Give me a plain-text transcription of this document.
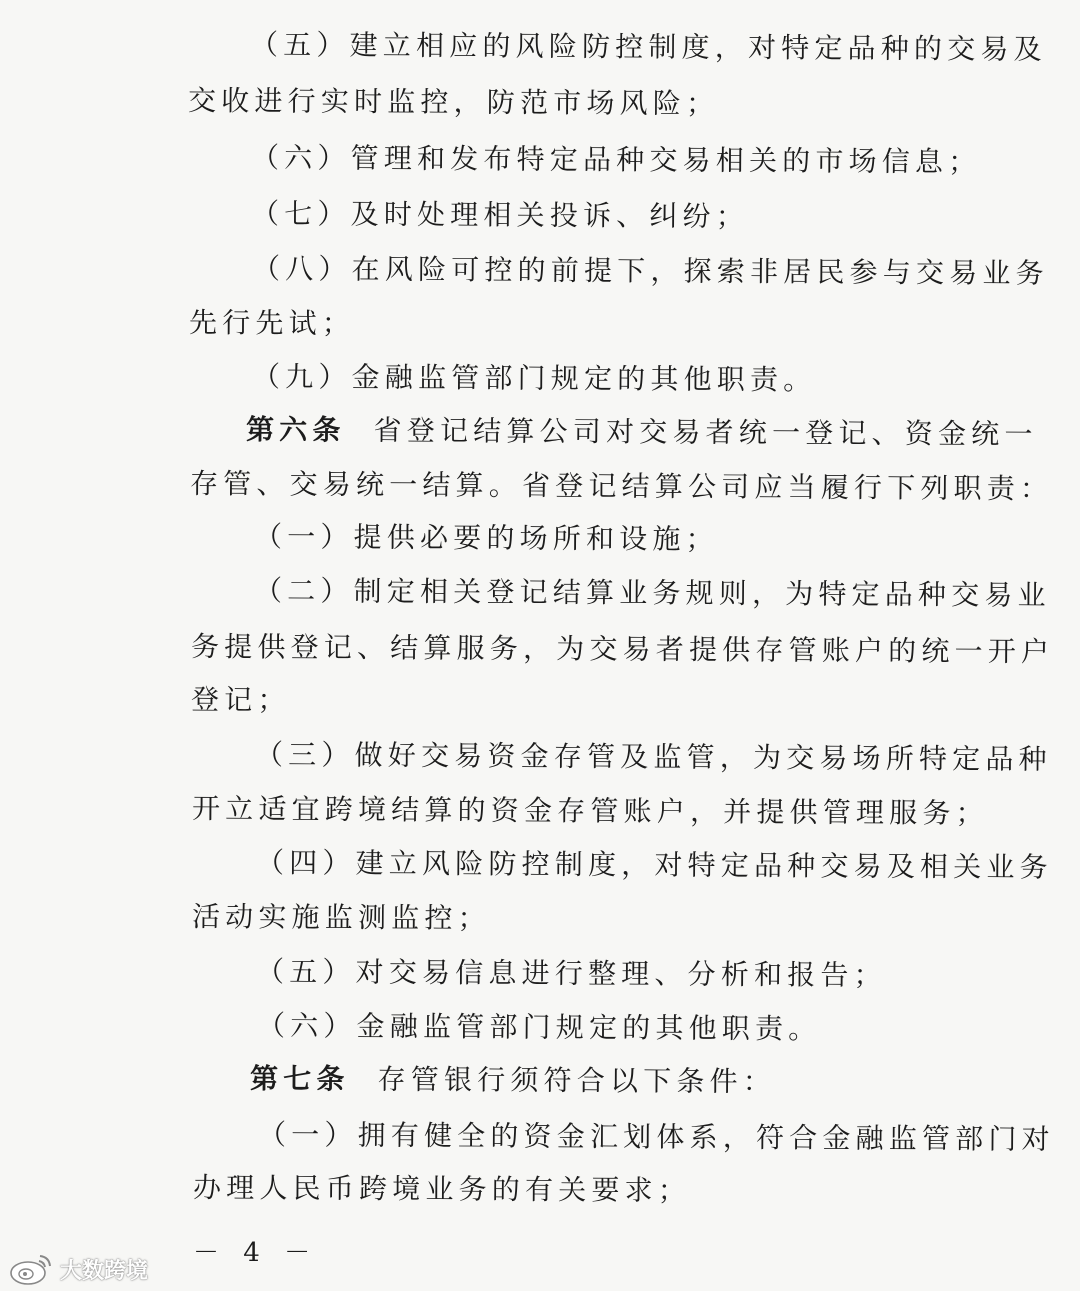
（五）建立相应的风险防控制度，对特定品种的交易及
交收进行实时监控，防范市场风险；
（六）管理和发布特定品种交易相关的市场信息；
（七）及时处理相关投诉、纠纷；
（八）在风险可控的前提下，探索非居民参与交易业务
先行先试；
（九）金融监管部门规定的其他职责。
第六条 省登记结算公司对交易者统一登记、资金统一
存管、交易统一结算。省登记结算公司应当履行下列职责：
（一）提供必要的场所和设施；
（二）制定相关登记结算业务规则，为特定品种交易业
务提供登记、结算服务，为交易者提供存管账户的统一开户
登记；
（三）做好交易资金存管及监管，为交易场所特定品种
开立适宜跨境结算的资金存管账户，并提供管理服务；
（四）建立风险防控制度，对特定品种交易及相关业务
活动实施监测监控；
（五）对交易信息进行整理、分析和报告；
（六）金融监管部门规定的其他职责。
第七条 存管银行须符合以下条件：
（一）拥有健全的资金汇划体系，符合金融监管部门对
办理人民币跨境业务的有关要求；
－ 4 －
大数跨境
